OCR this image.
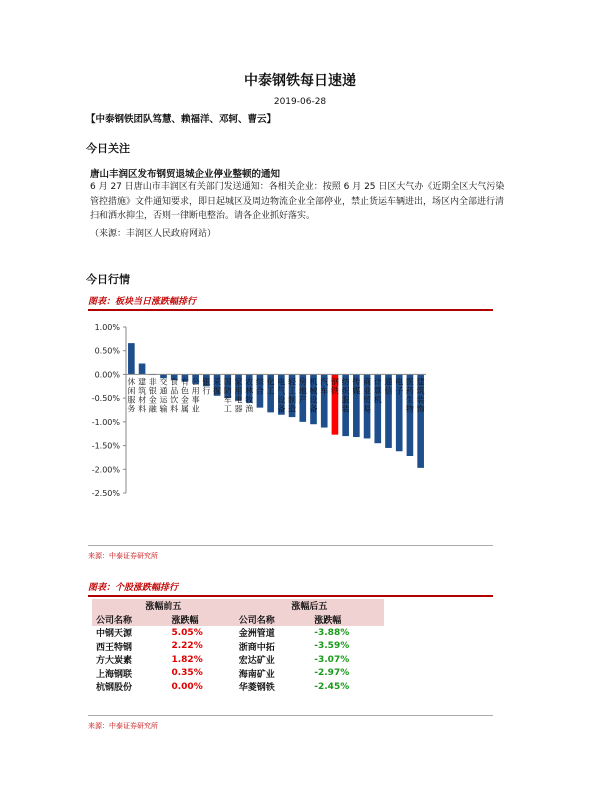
中泰钢铁每日速递
2019-06-28
【中泰钢铁团队笃慧、赖福洋、邓轲、曹云】
今日关注
唐山丰润区发布钢贸退城企业停业整顿的通知
6 月 27 日唐山市丰润区有关部门发送通知：各相关企业：按照 6 月 25 日区大气办《近期全区大气污染管控措施》文件通知要求，即日起城区及周边物流企业全部停业，禁止货运车辆进出，场区内全部进行清扫和洒水抑尘，否则一律断电整治。请各企业抓好落实。
（来源：丰润区人民政府网站）
今日行情
图表：板块当日涨跌幅排行
1.00%
0.50%
0.00%
-0.50%
-1.00%
-1.50%
-2.00%
-2.50%
休闲服务
建筑材料
非银金融
交通运输
食品饮料
有色金属
公用事业
银行
采掘
国防军工
家用电器
农林牧渔
综合
化工
电气设备
轻工制造
房地产
机械设备
汽车
钢铁
纺织服装
传媒
商业贸易
计算机
通信
电子
医药生物
建筑装饰
来源：中泰证券研究所
图表：个股涨跌幅排行
涨幅前五		涨幅后五	
公司名称	涨跌幅	公司名称	涨跌幅
中钢天源	5.05%	金洲管道	-3.88%
西王特钢	2.22%	浙商中拓	-3.59%
方大炭素	1.82%	宏达矿业	-3.07%
上海钢联	0.35%	海南矿业	-2.97%
杭钢股份	0.00%	华菱钢铁	-2.45%
来源：中泰证券研究所
